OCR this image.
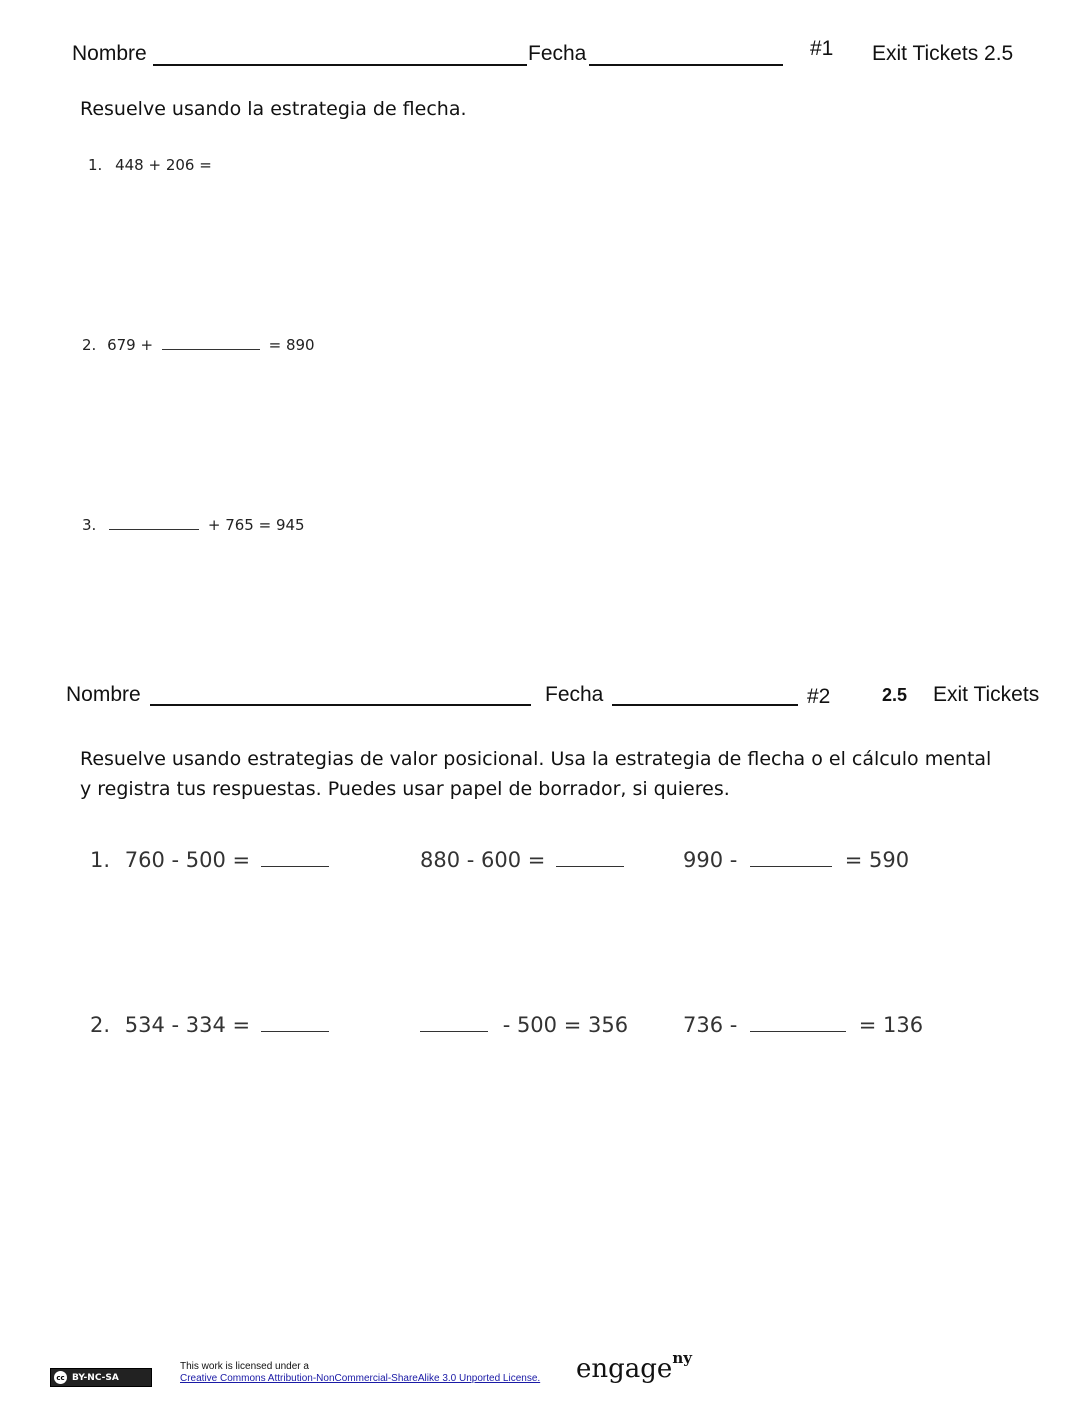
Nombre	Fecha	#1 Exit Tickets 2.5
Resuelve usando la estrategia de flecha.
1. 448 + 206 =
2. 679 +	= 890
3.	+ 765 = 945
Nombre	Fecha	#2	2.5 Exit Tickets
Resuelve usando estrategias de valor posicional. Usa la estrategia de flecha o el cálculo mental
y registra tus respuestas. Puedes usar papel de borrador, si quieres.
1. 760 - 500 =	880 - 600 =	990 -	= 590
2. 534 - 334 =	- 500 = 356	736 -	= 136
cc BY-NC-SA
This work is licensed under a
Creative Commons Attribution-NonCommercial-ShareAlike 3.0 Unported License. engage$^{ny}$
